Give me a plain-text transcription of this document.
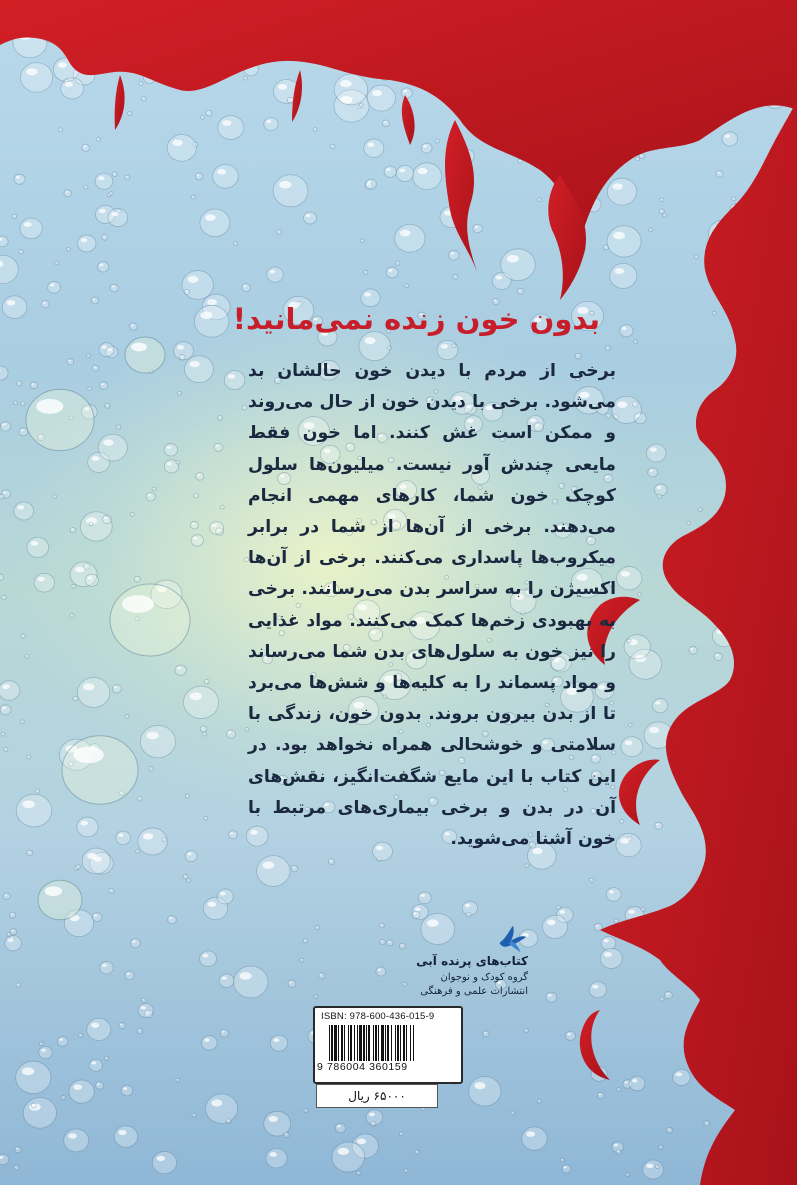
بدون خون زنده نمی‌مانید!

برخی از مردم با دیدن خون حالشان بد می‌شود. برخی با دیدن خون از حال می‌روند و ممکن است غش کنند. اما خون فقط مایعی چندش آور نیست. میلیون‌ها سلول کوچک خون شما، کارهای مهمی انجام می‌دهند. برخی از آن‌ها از شما در برابر میکروب‌ها پاسداری می‌کنند. برخی از آن‌ها اکسیژن را به سراسر بدن می‌رسانند. برخی به بهبودی زخم‌ها کمک می‌کنند. مواد غذایی را نیز خون به سلول‌های بدن شما می‌رساند و مواد پسماند را به کلیه‌ها و شش‌ها می‌برد تا از بدن بیرون بروند. بدون خون، زندگی با سلامتی و خوشحالی همراه نخواهد بود. در این کتاب با این مایع شگفت‌انگیز، نقش‌های آن در بدن و برخی بیماری‌های مرتبط با خون آشنا می‌شوید.

کتاب‌های پرنده آبی
گروه کودک و نوجوان
انتشارات علمی و فرهنگی
ISBN: 978-600-436-015-9
9 786004 360159
۶۵۰۰۰ ریال
